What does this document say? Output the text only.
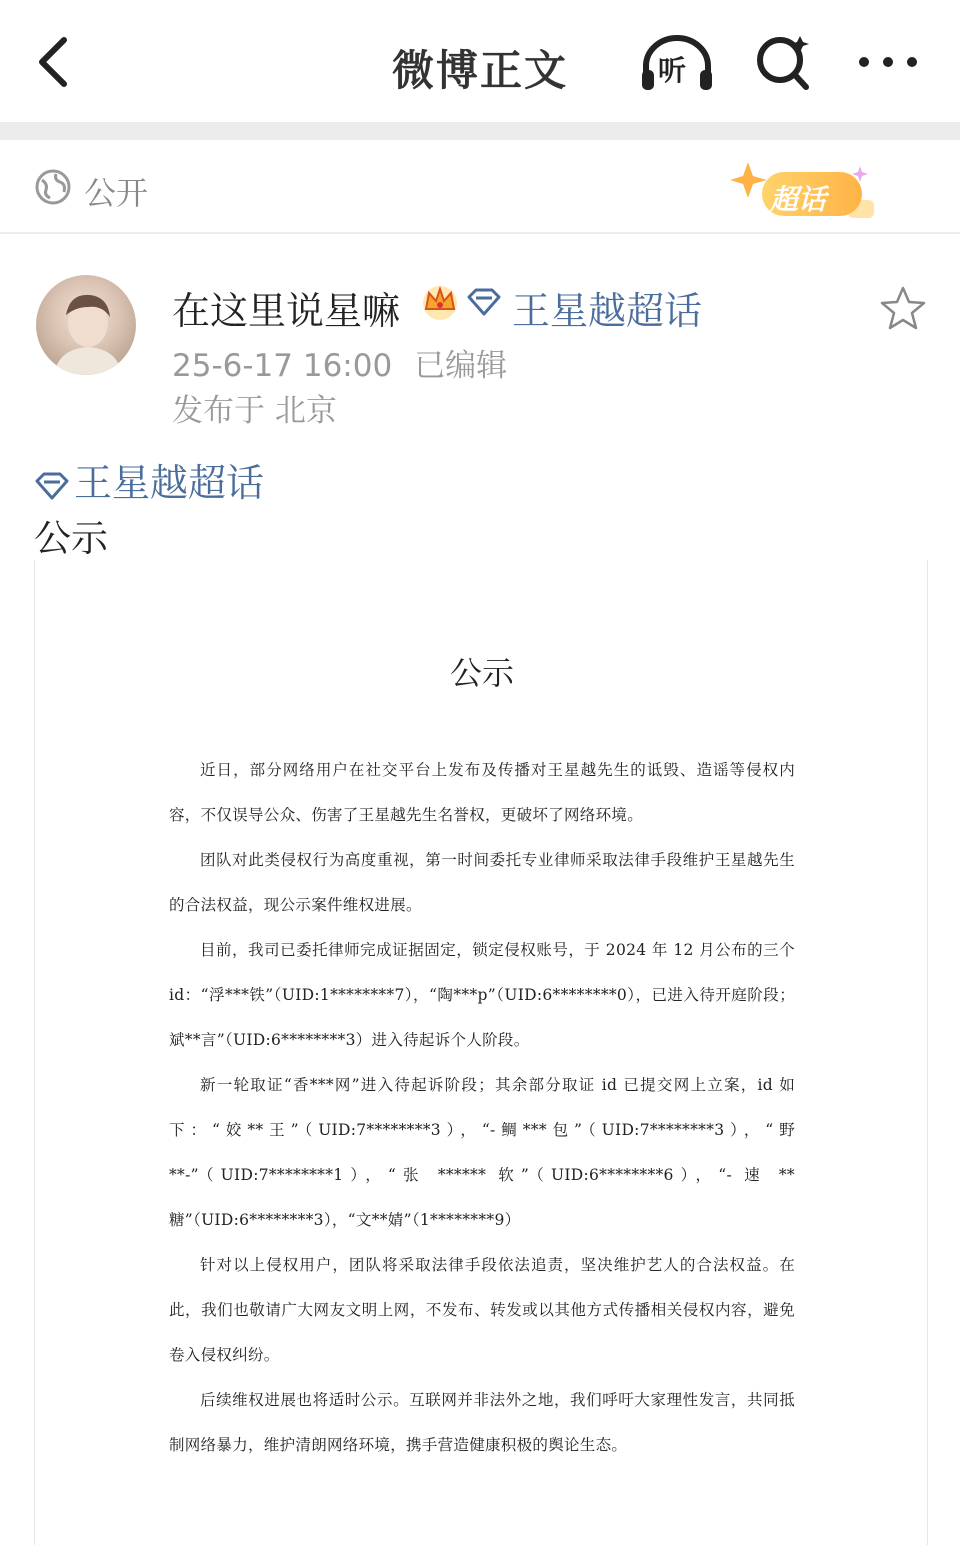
微博正文	听
公开	超话
在这里说星嘛	王星越超话
25-6-17 16:00 已编辑
发布于 北京
王星越超话
公示
公示

近日，部分网络用户在社交平台上发布及传播对王星越先生的诋毁、造谣等侵权内容，不仅误导公众、伤害了王星越先生名誉权，更破坏了网络环境。

团队对此类侵权行为高度重视，第一时间委托专业律师采取法律手段维护王星越先生的合法权益，现公示案件维权进展。

目前，我司已委托律师完成证据固定，锁定侵权账号，于 2024 年 12 月公布的三个 id：“浮***铁”（UID:1********7），“陶***p”（UID:6********0），已进入待开庭阶段；斌**言”（UID:6********3）进入待起诉个人阶段。

新一轮取证“香***网”进入待起诉阶段；其余部分取证 id 已提交网上立案，id 如下：“姣**王”（UID:7********3），“-鲷***包”（UID:7********3），“野**-”（UID:7********1），“张 ****** 软”（UID:6********6），“- 速 ** 糖”（UID:6********3），“文**婧”（1********9）

针对以上侵权用户，团队将采取法律手段依法追责，坚决维护艺人的合法权益。在此，我们也敬请广大网友文明上网，不发布、转发或以其他方式传播相关侵权内容，避免卷入侵权纠纷。

后续维权进展也将适时公示。互联网并非法外之地，我们呼吁大家理性发言，共同抵制网络暴力，维护清朗网络环境，携手营造健康积极的舆论生态。
